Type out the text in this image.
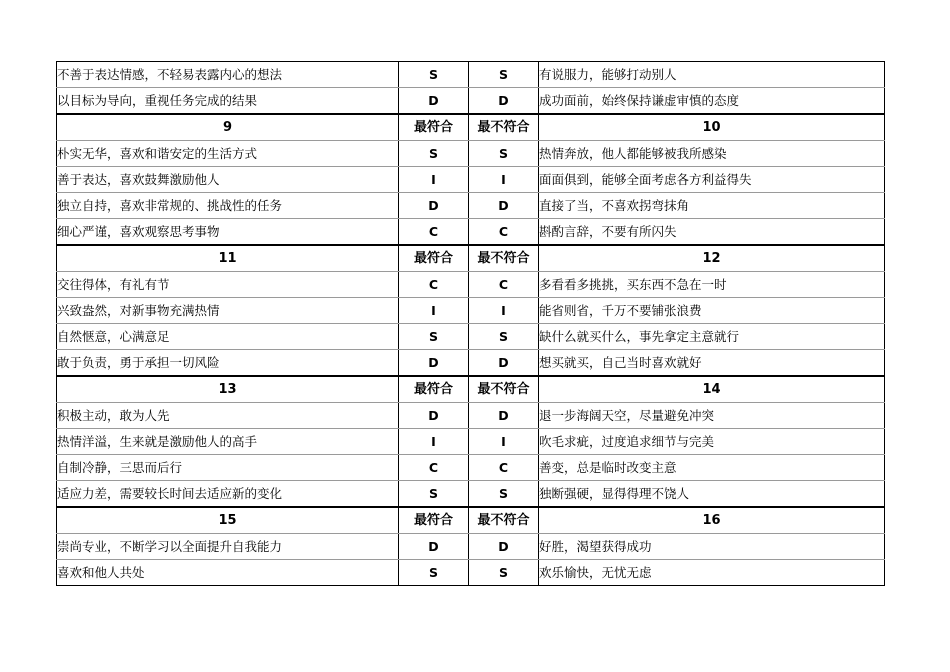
不善于表达情感，不轻易表露内心的想法	S	S	有说服力，能够打动别人
以目标为导向，重视任务完成的结果	D	D	成功面前，始终保持谦虚审慎的态度
9	最符合	最不符合	10
朴实无华，喜欢和谐安定的生活方式	S	S	热情奔放，他人都能够被我所感染
善于表达，喜欢鼓舞激励他人	I	I	面面俱到，能够全面考虑各方利益得失
独立自持，喜欢非常规的、挑战性的任务	D	D	直接了当，不喜欢拐弯抹角
细心严谨，喜欢观察思考事物	C	C	斟酌言辞，不要有所闪失
11	最符合	最不符合	12
交往得体，有礼有节	C	C	多看看多挑挑，买东西不急在一时
兴致盎然，对新事物充满热情	I	I	能省则省，千万不要铺张浪费
自然惬意，心满意足	S	S	缺什么就买什么，事先拿定主意就行
敢于负责，勇于承担一切风险	D	D	想买就买，自己当时喜欢就好
13	最符合	最不符合	14
积极主动，敢为人先	D	D	退一步海阔天空，尽量避免冲突
热情洋溢，生来就是激励他人的高手	I	I	吹毛求疵，过度追求细节与完美
自制冷静，三思而后行	C	C	善变，总是临时改变主意
适应力差，需要较长时间去适应新的变化	S	S	独断强硬，显得得理不饶人
15	最符合	最不符合	16
崇尚专业，不断学习以全面提升自我能力	D	D	好胜，渴望获得成功
喜欢和他人共处	S	S	欢乐愉快，无忧无虑
